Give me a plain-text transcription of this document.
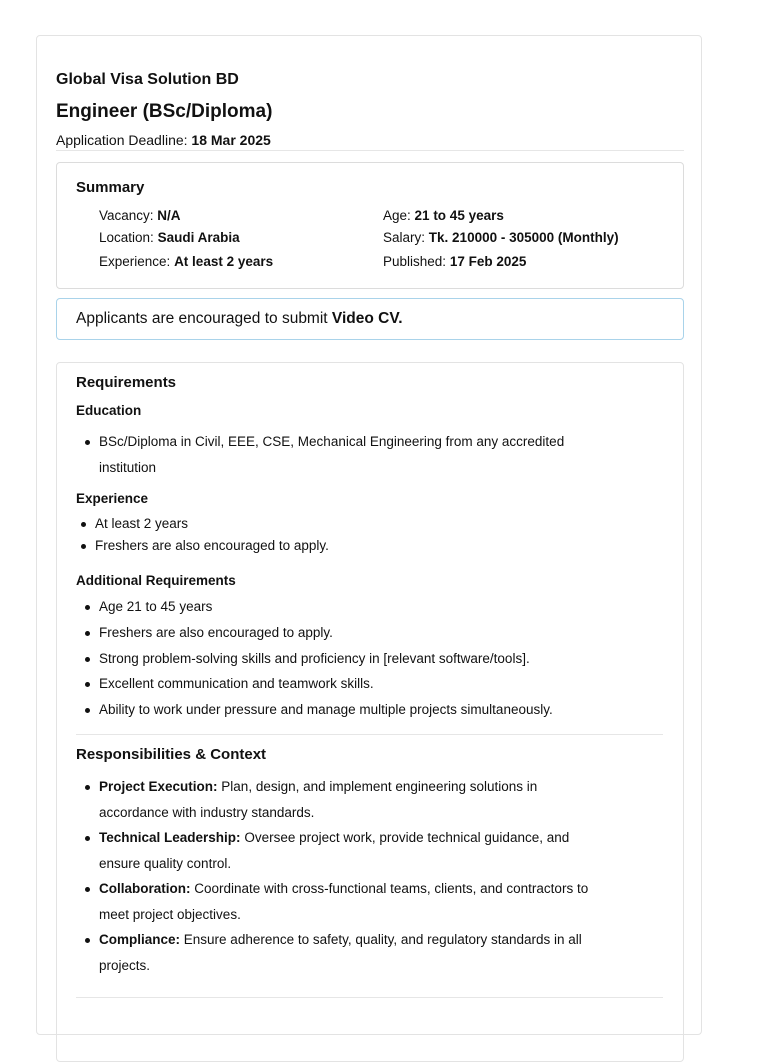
Global Visa Solution BD
Engineer (BSc/Diploma)
Application Deadline: 18 Mar 2025
Summary
Vacancy: N/A	Age: 21 to 45 years
Location: Saudi Arabia	Salary: Tk. 210000 - 305000 (Monthly)
Experience: At least 2 years	Published: 17 Feb 2025
Applicants are encouraged to submit Video CV.
Requirements
Education
BSc/Diploma in Civil, EEE, CSE, Mechanical Engineering from any accredited
institution
Experience
At least 2 years
Freshers are also encouraged to apply.
Additional Requirements
Age 21 to 45 years
Freshers are also encouraged to apply.
Strong problem-solving skills and proficiency in [relevant software/tools].
Excellent communication and teamwork skills.
Ability to work under pressure and manage multiple projects simultaneously.
Responsibilities & Context
Project Execution: Plan, design, and implement engineering solutions in
accordance with industry standards.
Technical Leadership: Oversee project work, provide technical guidance, and
ensure quality control.
Collaboration: Coordinate with cross-functional teams, clients, and contractors to
meet project objectives.
Compliance: Ensure adherence to safety, quality, and regulatory standards in all
projects.
